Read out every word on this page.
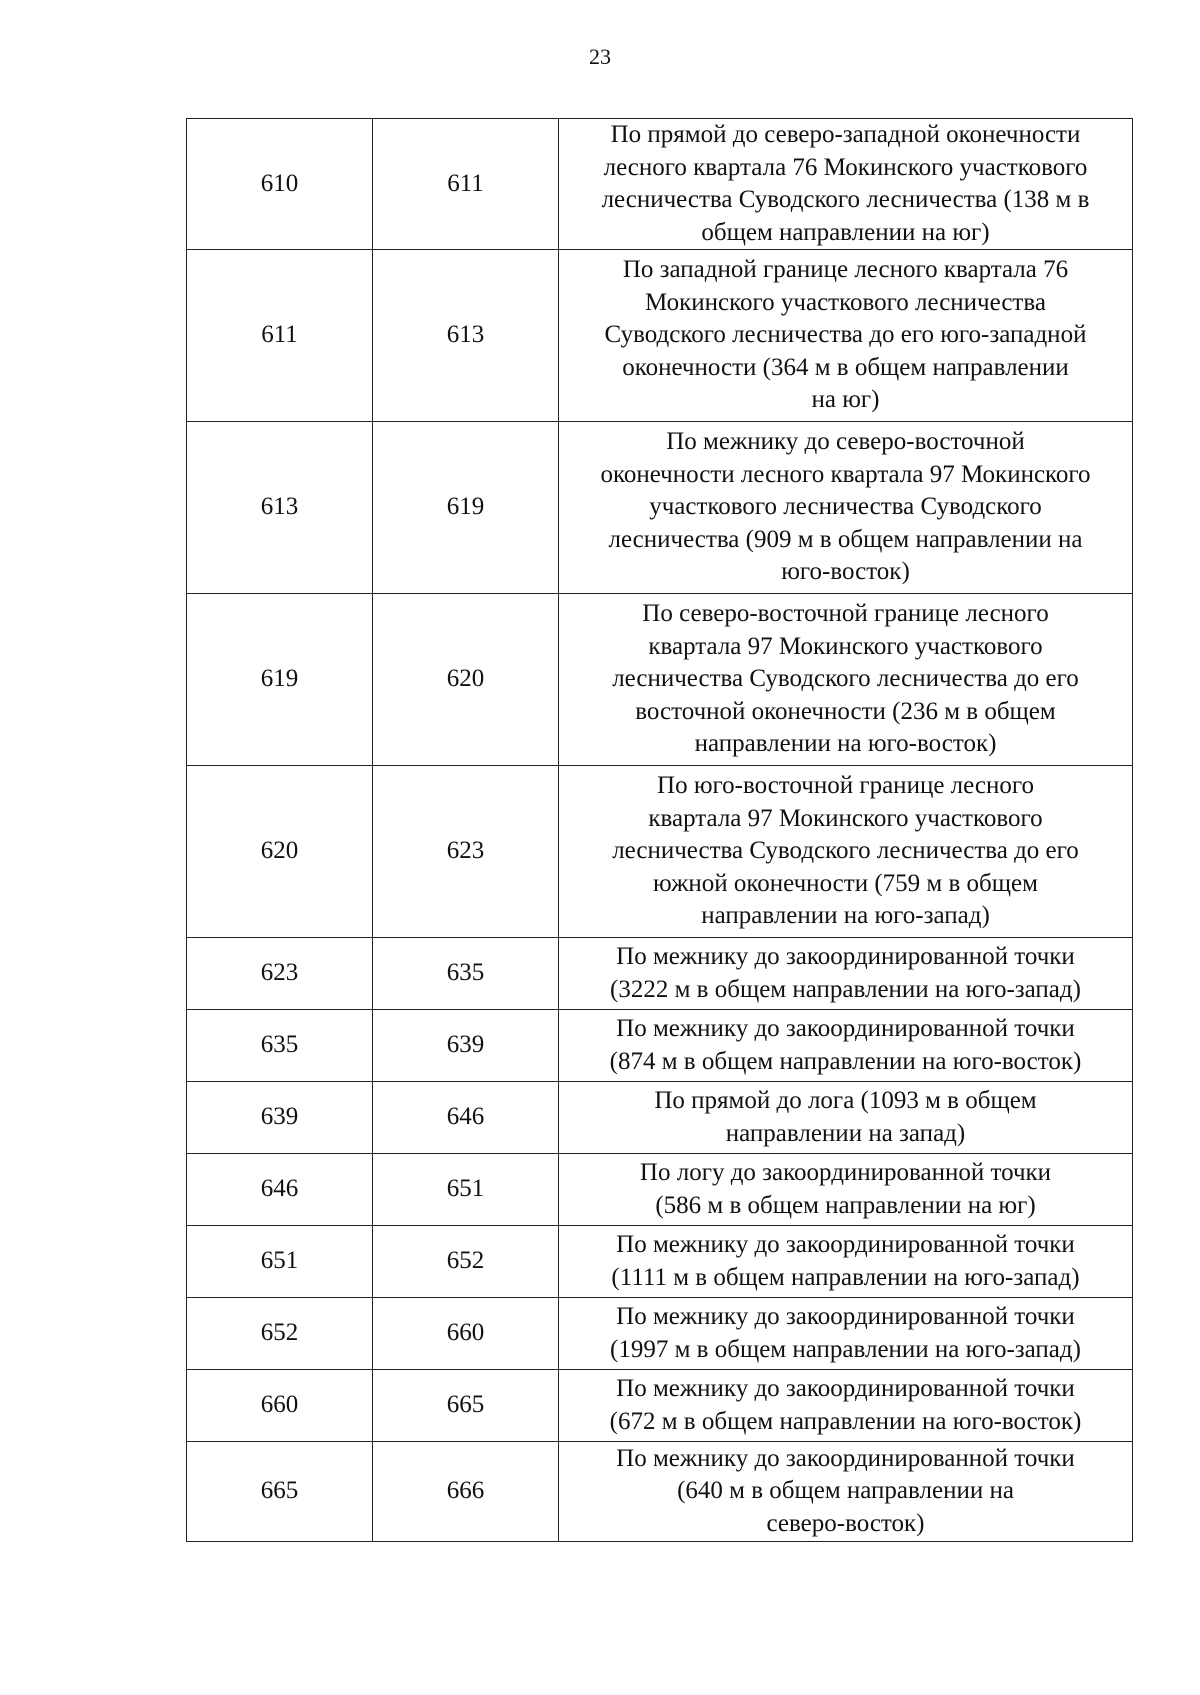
23
610	611	По прямой до северо-западной оконечности
лесного квартала 76 Мокинского участкового
лесничества Суводского лесничества (138 м в
общем направлении на юг)

611	613	По западной границе лесного квартала 76
Мокинского участкового лесничества
Суводского лесничества до его юго-западной
оконечности (364 м в общем направлении
на юг)

613	619	По межнику до северо-восточной
оконечности лесного квартала 97 Мокинского
участкового лесничества Суводского
лесничества (909 м в общем направлении на
юго-восток)

619	620	По северо-восточной границе лесного
квартала 97 Мокинского участкового
лесничества Суводского лесничества до его
восточной оконечности (236 м в общем
направлении на юго-восток)

620	623	По юго-восточной границе лесного
квартала 97 Мокинского участкового
лесничества Суводского лесничества до его
южной оконечности (759 м в общем
направлении на юго-запад)

623	635	По межнику до закоординированной точки
(3222 м в общем направлении на юго-запад)

635	639	По межнику до закоординированной точки
(874 м в общем направлении на юго-восток)

639	646	По прямой до лога (1093 м в общем
направлении на запад)

646	651	По логу до закоординированной точки
(586 м в общем направлении на юг)

651	652	По межнику до закоординированной точки
(1111 м в общем направлении на юго-запад)

652	660	По межнику до закоординированной точки
(1997 м в общем направлении на юго-запад)

660	665	По межнику до закоординированной точки
(672 м в общем направлении на юго-восток)

665	666	По межнику до закоординированной точки
(640 м в общем направлении на
северо-восток)
